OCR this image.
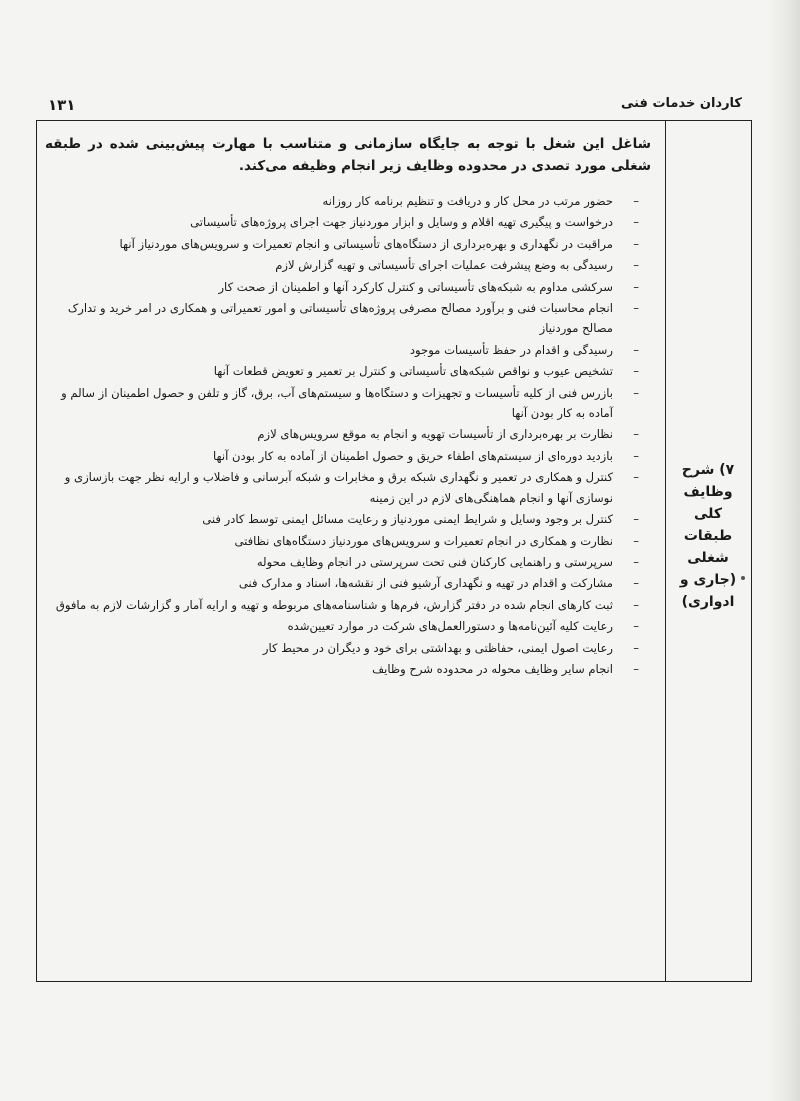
کاردان خدمات فنی
۱۳۱
۷) شرح
وظایف
کلی
طبقات
شغلی
(جاری و
ادواری)

شاغل این شغل با توجه به جایگاه سازمانی و متناسب با مهارت پیش‌بینی شده در طبقه شغلی مورد تصدی در محدوده وظایف زیر انجام وظیفه می‌کند.

–
حضور مرتب در محل کار و دریافت و تنظیم برنامه کار روزانه
–
درخواست و پیگیری تهیه اقلام و وسایل و ابزار موردنیاز جهت اجرای پروژه‌های تأسیساتی
–
مراقبت در نگهداری و بهره‌برداری از دستگاه‌های تأسیساتی و انجام تعمیرات و سرویس‌های موردنیاز آنها
–
رسیدگی به وضع پیشرفت عملیات اجرای تأسیساتی و تهیه گزارش لازم
–
سرکشی مداوم به شبکه‌های تأسیساتی و کنترل کارکرد آنها و اطمینان از صحت کار
–
انجام محاسبات فنی و برآورد مصالح مصرفی پروژه‌های تأسیساتی و امور تعمیراتی و همکاری در امر خرید و تدارک مصالح موردنیاز
–
رسیدگی و اقدام در حفظ تأسیسات موجود
–
تشخیص عیوب و نواقص شبکه‌های تأسیساتی و کنترل بر تعمیر و تعویض قطعات آنها
–
بازرس فنی از کلیه تأسیسات و تجهیزات و دستگاه‌ها و سیستم‌های آب، برق، گاز و تلفن و حصول اطمینان از سالم و آماده به کار بودن آنها
–
نظارت بر بهره‌برداری از تأسیسات تهویه و انجام به موقع سرویس‌های لازم
–
بازدید دوره‌ای از سیستم‌های اطفاء حریق و حصول اطمینان از آماده به کار بودن آنها
–
کنترل و همکاری در تعمیر و نگهداری شبکه برق و مخابرات و شبکه آبرسانی و فاضلاب و ارایه نظر جهت بازسازی و نوسازی آنها و انجام هماهنگی‌های لازم در این زمینه
–
کنترل بر وجود وسایل و شرایط ایمنی موردنیاز و رعایت مسائل ایمنی توسط کادر فنی
–
نظارت و همکاری در انجام تعمیرات و سرویس‌های موردنیاز دستگاه‌های نظافتی
–
سرپرستی و راهنمایی کارکنان فنی تحت سرپرستی در انجام وظایف محوله
–
مشارکت و اقدام در تهیه و نگهداری آرشیو فنی از نقشه‌ها، اسناد و مدارک فنی
–
ثبت کارهای انجام شده در دفتر گزارش، فرم‌ها و شناسنامه‌های مربوطه و تهیه و ارایه آمار و گزارشات لازم به مافوق
–
رعایت کلیه آئین‌نامه‌ها و دستورالعمل‌های شرکت در موارد تعیین‌شده
–
رعایت اصول ایمنی، حفاظتی و بهداشتی برای خود و دیگران در محیط کار
–
انجام سایر وظایف محوله در محدوده شرح وظایف
